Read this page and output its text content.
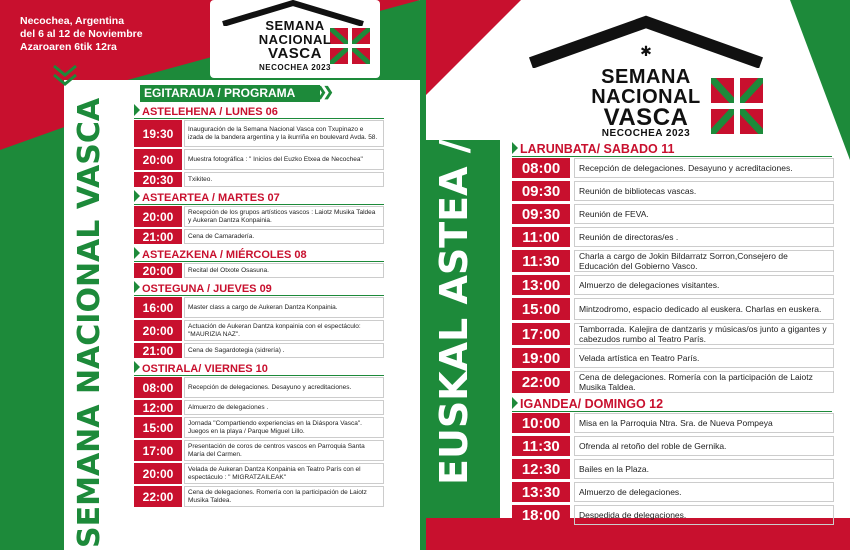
Necochea, Argentina
del 6 al 12 de Noviembre
Azaroaren 6tik 12ra
SEMANA
NACIONAL
VASCA
NECOCHEA 2023
SEMANA NACIONAL VASCA
EGITARAUA / PROGRAMA	❯❯
ASTELEHENA / LUNES 06
19:30	Inauguración de la Semana Nacional Vasca con Txupinazo e izada de la bandera argentina y la ikurriña en boulevard Avda. 58.
20:00	Muestra fotográfica : " Inicios del Euzko Etxea de Necochea"
20:30	Txikiteo.
ASTEARTEA / MARTES 07
20:00	Recepción de los grupos artísticos vascos : Laiotz Musika Taldea y Aukeran Dantza Konpainia.
21:00	Cena de Camaradería.
ASTEAZKENA / MIÉRCOLES 08
20:00	Recital del Otxote Osasuna.
OSTEGUNA / JUEVES 09
16:00	Master class a cargo de Aukeran Dantza Konpainia.
20:00	Actuación de Aukeran Dantza konpainia con el espectáculo: "MAURIZIA NAZ".
21:00	Cena de Sagardotegia (sidrería) .
OSTIRALA/ VIERNES 10
08:00	Recepción de delegaciones. Desayuno y acreditaciones.
12:00	Almuerzo de delegaciones .
15:00	Jornada "Compartiendo experiencias en la Diáspora Vasca". Juegos en la playa / Parque Miguel Lillo.
17:00	Presentación de coros de centros vascos en Parroquia Santa María del Carmen.
20:00	Velada de Aukeran Dantza Konpainia en Teatro París con el espectáculo : " MIGRATZAILEAK"
22:00	Cena de delegaciones. Romería con la participación de Laiotz Musika Taldea.
✱
SEMANA
NACIONAL
VASCA
NECOCHEA 2023
EUSKAL ASTEA /	LARUNBATA/ SABADO 11
08:00	Recepción de delegaciones. Desayuno y acreditaciones.
09:30	Reunión de bibliotecas vascas.
09:30	Reunión de FEVA.
11:00	Reunión de directoras/es .
11:30	Charla a cargo de Jokin Bildarratz Sorron,Consejero de Educación del Gobierno Vasco.
13:00	Almuerzo de delegaciones visitantes.
15:00	Mintzodromo, espacio dedicado al euskera. Charlas en euskera.
17:00	Tamborrada. Kalejira de dantzaris y músicas/os junto a gigantes y cabezudos rumbo al Teatro París.
19:00	Velada artística en Teatro París.
22:00	Cena de delegaciones. Romería con la participación de Laiotz Musika Taldea.
IGANDEA/ DOMINGO 12
10:00	Misa en la Parroquia Ntra. Sra. de Nueva Pompeya
11:30	Ofrenda al retoño del roble de Gernika.
12:30	Bailes en la Plaza.
13:30	Almuerzo de delegaciones.
18:00	Despedida de delegaciones.
